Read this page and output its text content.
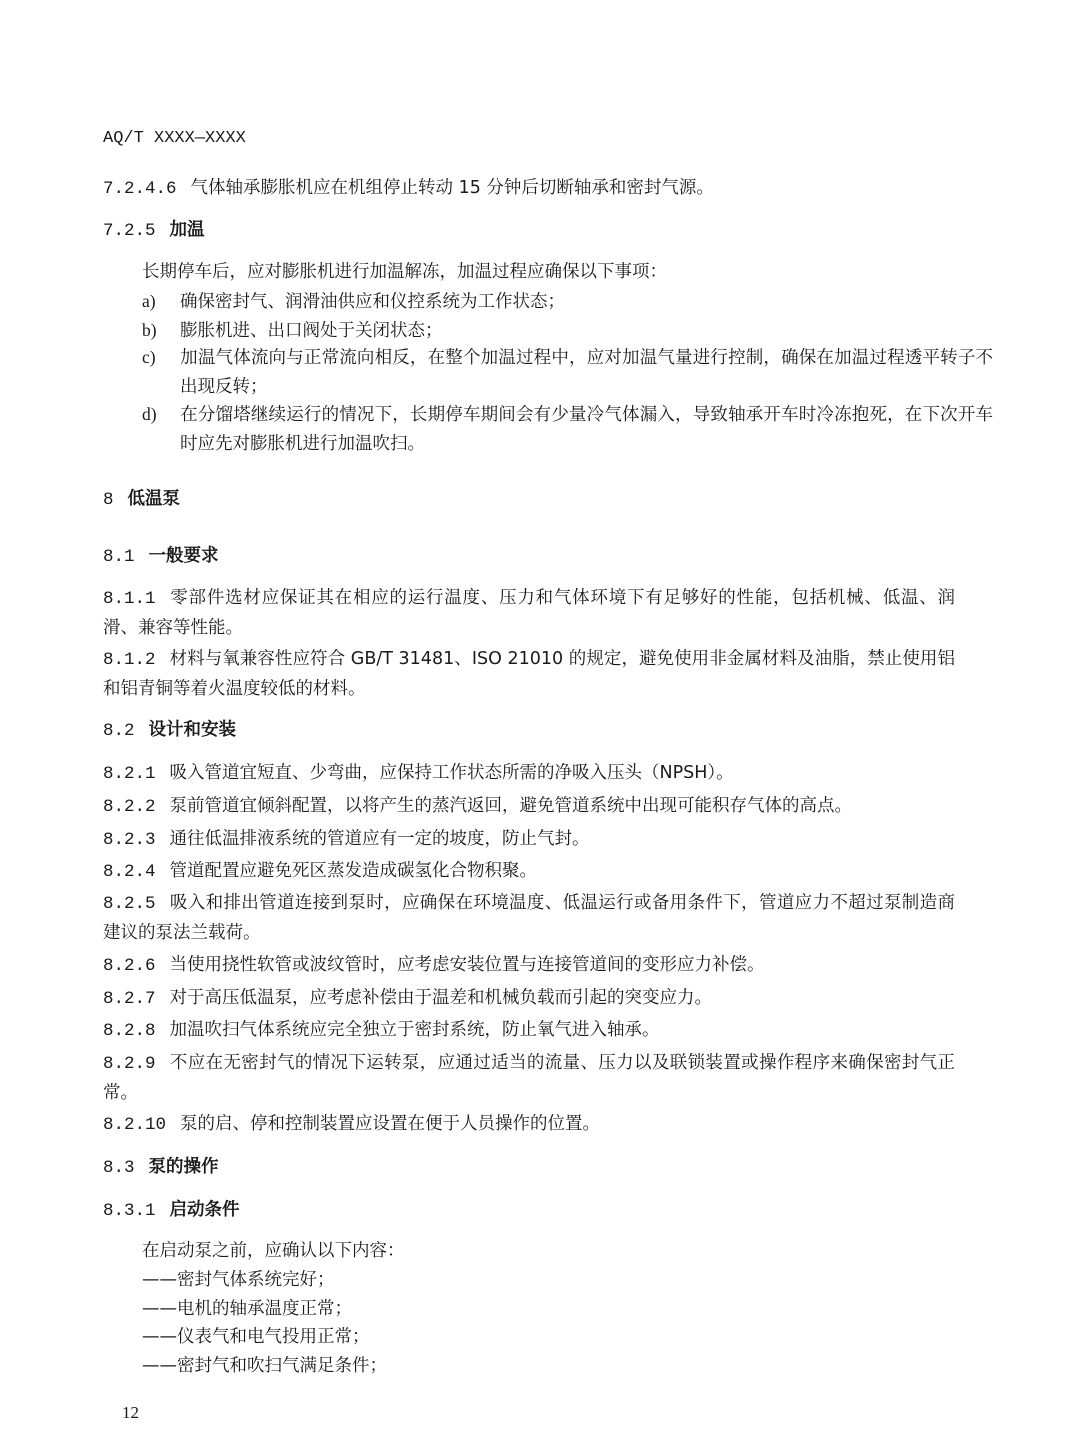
AQ/T XXXX—XXXX
7.2.4.6 气体轴承膨胀机应在机组停止转动 15 分钟后切断轴承和密封气源。
7.2.5 加温
长期停车后，应对膨胀机进行加温解冻，加温过程应确保以下事项：
a) 确保密封气、润滑油供应和仪控系统为工作状态；
b) 膨胀机进、出口阀处于关闭状态；
c) 加温气体流向与正常流向相反，在整个加温过程中，应对加温气量进行控制，确保在加温过程透平转子不出现反转；
d) 在分馏塔继续运行的情况下，长期停车期间会有少量冷气体漏入，导致轴承开车时冷冻抱死，在下次开车时应先对膨胀机进行加温吹扫。
8 低温泵
8.1 一般要求
8.1.1 零部件选材应保证其在相应的运行温度、压力和气体环境下有足够好的性能，包括机械、低温、润滑、兼容等性能。
8.1.2 材料与氧兼容性应符合 GB/T 31481、ISO 21010 的规定，避免使用非金属材料及油脂，禁止使用铝和铝青铜等着火温度较低的材料。
8.2 设计和安装
8.2.1 吸入管道宜短直、少弯曲，应保持工作状态所需的净吸入压头（NPSH）。
8.2.2 泵前管道宜倾斜配置，以将产生的蒸汽返回，避免管道系统中出现可能积存气体的高点。
8.2.3 通往低温排液系统的管道应有一定的坡度，防止气封。
8.2.4 管道配置应避免死区蒸发造成碳氢化合物积聚。
8.2.5 吸入和排出管道连接到泵时，应确保在环境温度、低温运行或备用条件下，管道应力不超过泵制造商建议的泵法兰载荷。
8.2.6 当使用挠性软管或波纹管时，应考虑安装位置与连接管道间的变形应力补偿。
8.2.7 对于高压低温泵，应考虑补偿由于温差和机械负载而引起的突变应力。
8.2.8 加温吹扫气体系统应完全独立于密封系统，防止氧气进入轴承。
8.2.9 不应在无密封气的情况下运转泵，应通过适当的流量、压力以及联锁装置或操作程序来确保密封气正常。
8.2.10 泵的启、停和控制装置应设置在便于人员操作的位置。
8.3 泵的操作
8.3.1 启动条件
在启动泵之前，应确认以下内容：
——密封气体系统完好；
——电机的轴承温度正常；
——仪表气和电气投用正常；
——密封气和吹扫气满足条件；
12
